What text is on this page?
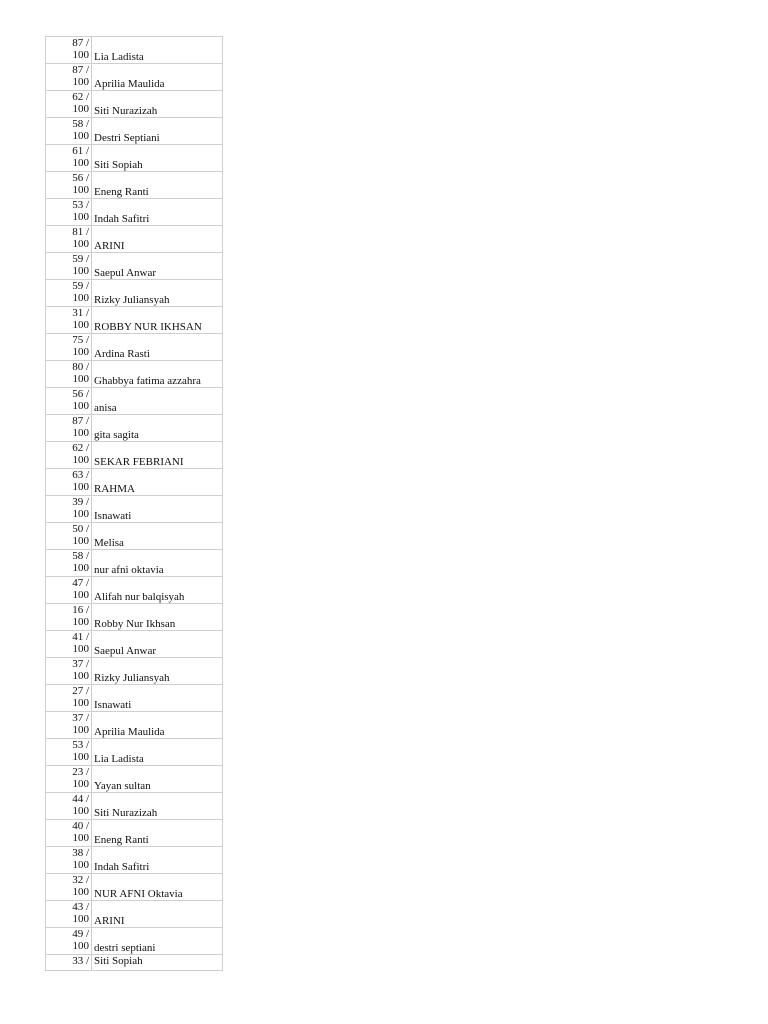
87 /
100	Lia Ladista

87 /
100	Aprilia Maulida

62 /
100	Siti Nurazizah

58 /
100	Destri Septiani

61 /
100	Siti Sopiah

56 /
100	Eneng Ranti

53 /
100	Indah Safitri

81 /
100	ARINI

59 /
100	Saepul Anwar

59 /
100	Rizky Juliansyah

31 /
100	ROBBY NUR IKHSAN

75 /
100	Ardina Rasti

80 /
100	Ghabbya fatima azzahra

56 /
100	anisa

87 /
100	gita sagita

62 /
100	SEKAR FEBRIANI

63 /
100	RAHMA

39 /
100	Isnawati

50 /
100	Melisa

58 /
100	nur afni oktavia

47 /
100	Alifah nur balqisyah

16 /
100	Robby Nur Ikhsan

41 /
100	Saepul Anwar

37 /
100	Rizky Juliansyah

27 /
100	Isnawati

37 /
100	Aprilia Maulida

53 /
100	Lia Ladista

23 /
100	Yayan sultan

44 /
100	Siti Nurazizah

40 /
100	Eneng Ranti

38 /
100	Indah Safitri

32 /
100	NUR AFNI Oktavia

43 /
100	ARINI

49 /
100	destri septiani

33 /	Siti Sopiah
